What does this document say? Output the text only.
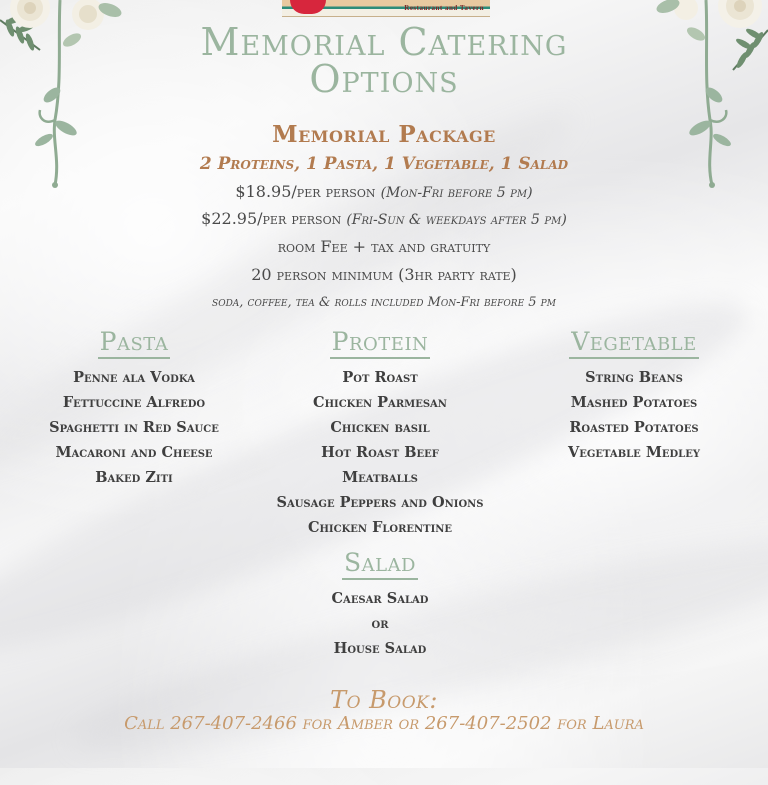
Restaurant and Tavern
Memorial Catering
Options
Memorial Package
2 Proteins, 1 Pasta, 1 Vegetable, 1 Salad
$18.95/per person (Mon-Fri before 5 pm)
$22.95/per person (Fri-Sun & weekdays after 5 pm)
room Fee + tax and gratuity
20 person minimum (3hr party rate)
soda, coffee, tea & rolls included Mon-Fri before 5 pm
Pasta
Penne ala Vodka
Fettuccine Alfredo
Spaghetti in Red Sauce
Macaroni and Cheese
Baked Ziti
Protein
Pot Roast
Chicken Parmesan
Chicken basil
Hot Roast Beef
Meatballs
Sausage Peppers and Onions
Chicken Florentine
Vegetable
String Beans
Mashed Potatoes
Roasted Potatoes
Vegetable Medley
Salad
Caesar Salad
or
House Salad
To Book:
Call 267-407-2466 for Amber or 267-407-2502 for Laura
